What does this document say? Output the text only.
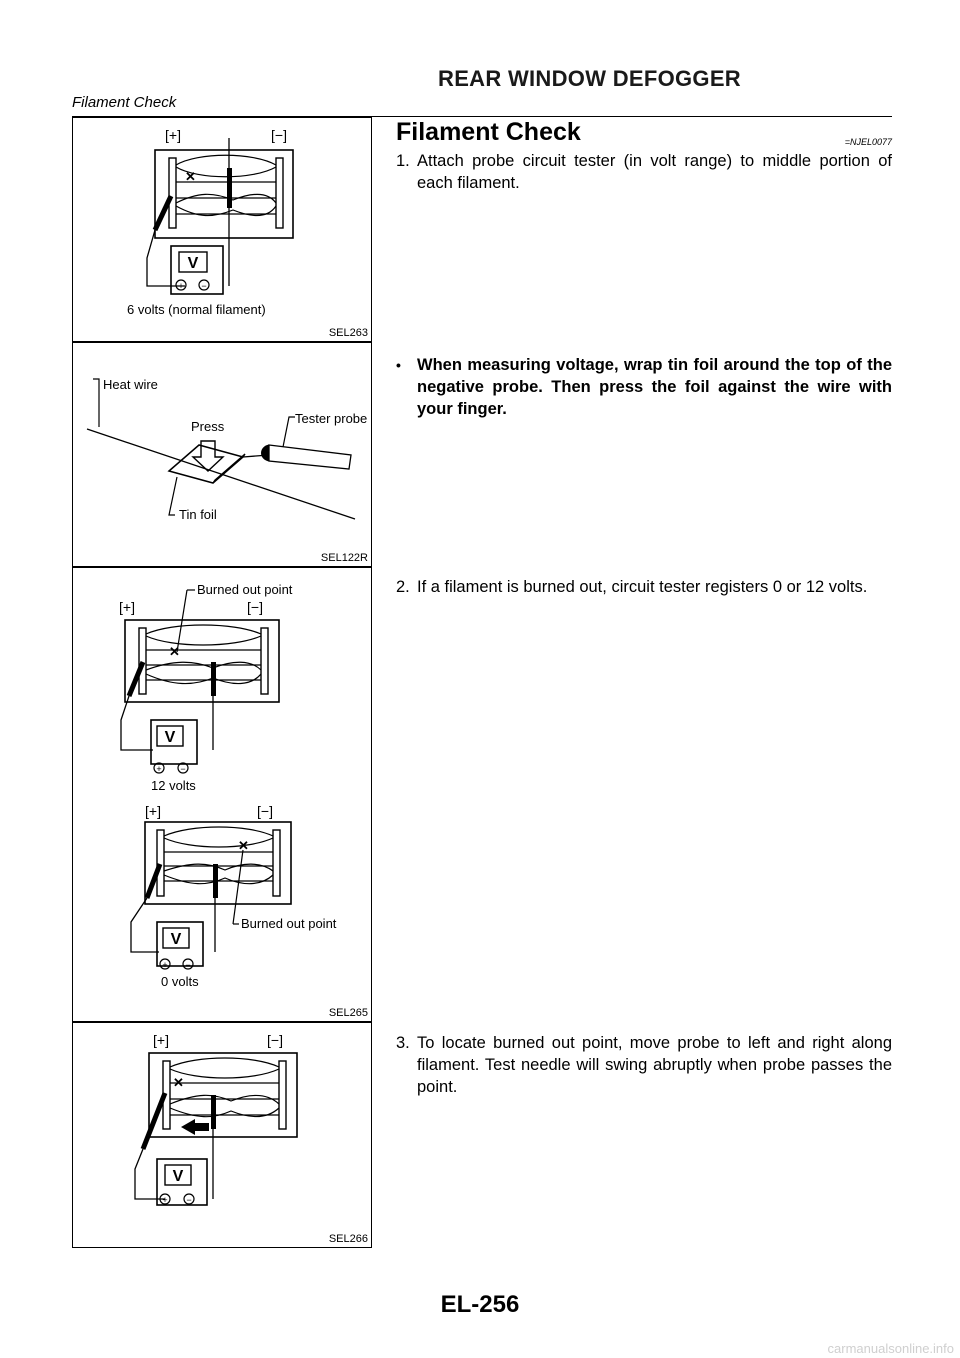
REAR WINDOW DEFOGGER
Filament Check
[+]	[−]
✕
V
+ −
6 volts (normal filament)
SEL263
Heat wire
Press
Tester probe
Tin foil
SEL122R
Burned out point
[+]	[−]
✕
V
+ −
12 volts
[+]	[−]
✕
Burned out point
V
+ −
0 volts
SEL265
[+]	[−]
✕
V
+ −
SEL266
Filament Check	=NJEL0077
1. Attach probe circuit tester (in volt range) to middle portion of each filament.
• When measuring voltage, wrap tin foil around the top of the negative probe. Then press the foil against the wire with your finger.
2. If a filament is burned out, circuit tester registers 0 or 12 volts.
3. To locate burned out point, move probe to left and right along filament. Test needle will swing abruptly when probe passes the point.
EL-256
carmanualsonline.info
